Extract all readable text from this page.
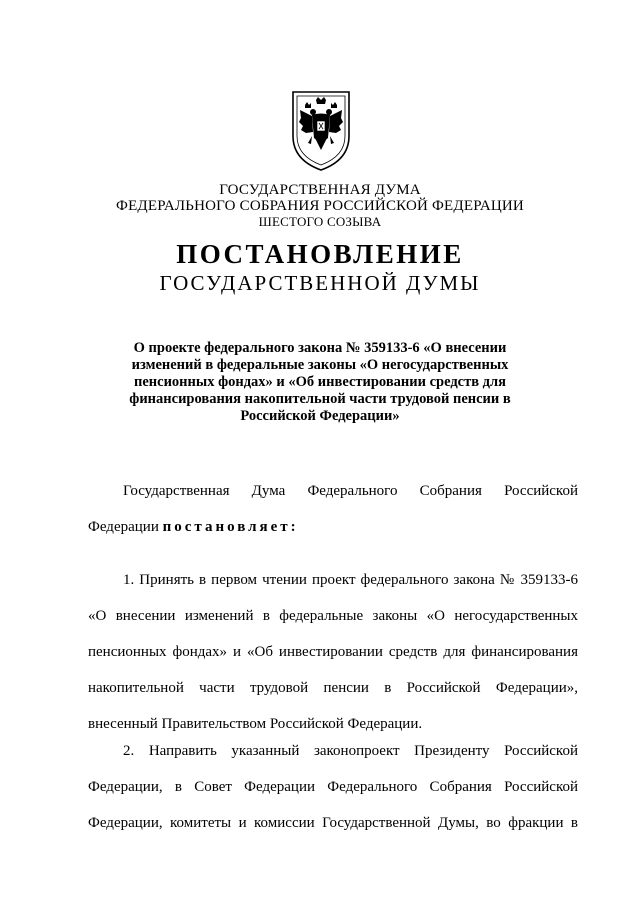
ГОСУДАРСТВЕННАЯ ДУМА
ФЕДЕРАЛЬНОГО СОБРАНИЯ РОССИЙСКОЙ ФЕДЕРАЦИИ
ШЕСТОГО СОЗЫВА
ПОСТАНОВЛЕНИЕ
ГОСУДАРСТВЕННОЙ ДУМЫ
О проекте федерального закона № 359133-6 «О внесении
изменений в федеральные законы «О негосударственных
пенсионных фондах» и «Об инвестировании средств для
финансирования накопительной части трудовой пенсии в
Российской Федерации»
Государственная Дума Федерального Собрания Российской
Федерации постановляет:
1. Принять в первом чтении проект федерального закона № 359133-6
«О внесении изменений в федеральные законы «О негосударственных
пенсионных фондах» и «Об инвестировании средств для финансирования
накопительной части трудовой пенсии в Российской Федерации»,
внесенный Правительством Российской Федерации.
2. Направить указанный законопроект Президенту Российской
Федерации, в Совет Федерации Федерального Собрания Российской
Федерации, комитеты и комиссии Государственной Думы, во фракции в
